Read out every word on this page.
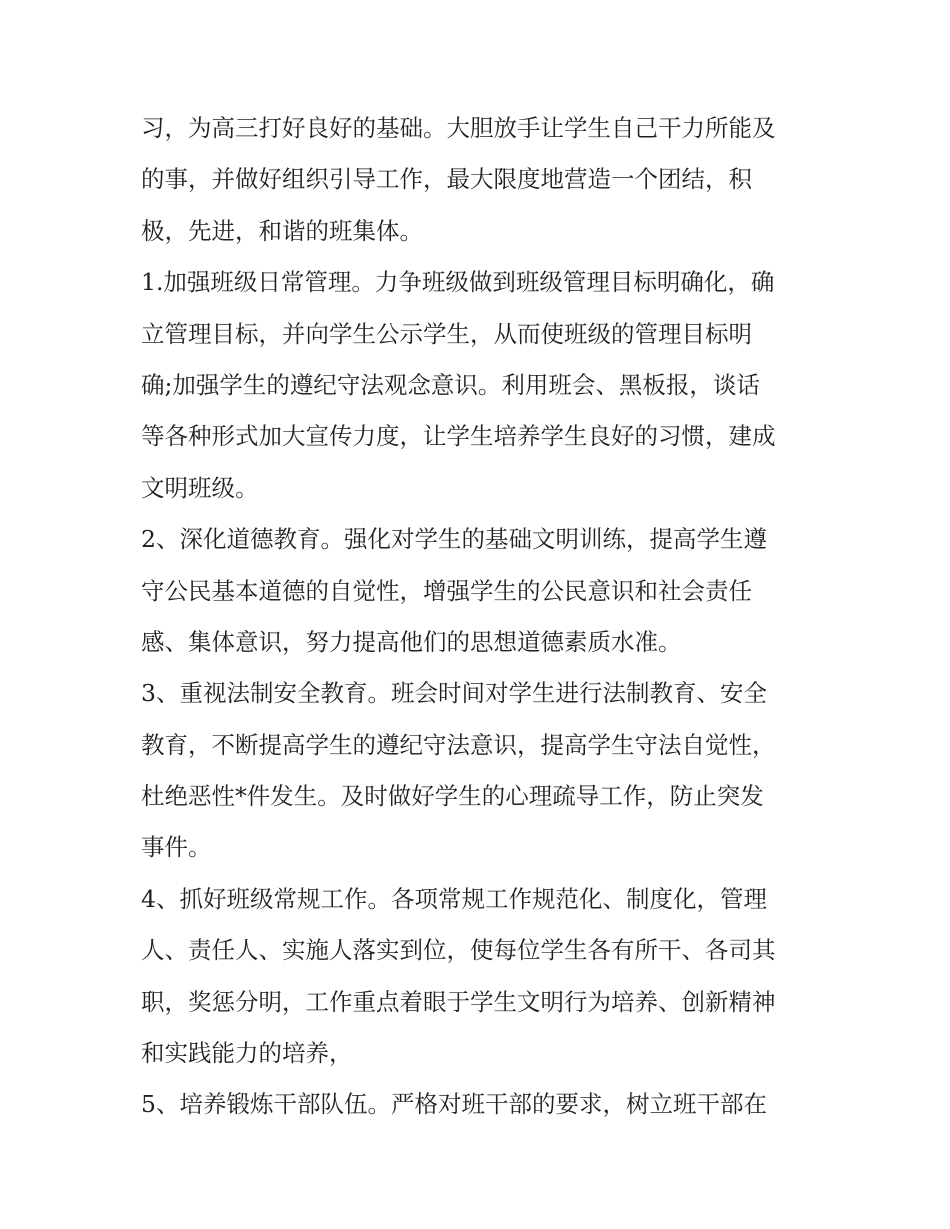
习，为高三打好良好的基础。大胆放手让学生自己干力所能及
的事，并做好组织引导工作，最大限度地营造一个团结，积
极，先进，和谐的班集体。
1.加强班级日常管理。力争班级做到班级管理目标明确化，确
立管理目标，并向学生公示学生，从而使班级的管理目标明
确;加强学生的遵纪守法观念意识。利用班会、黑板报，谈话
等各种形式加大宣传力度，让学生培养学生良好的习惯，建成
文明班级。
2、深化道德教育。强化对学生的基础文明训练，提高学生遵
守公民基本道德的自觉性，增强学生的公民意识和社会责任
感、集体意识，努力提高他们的思想道德素质水准。
3、重视法制安全教育。班会时间对学生进行法制教育、安全
教育，不断提高学生的遵纪守法意识，提高学生守法自觉性，
杜绝恶性*件发生。及时做好学生的心理疏导工作，防止突发
事件。
4、抓好班级常规工作。各项常规工作规范化、制度化，管理
人、责任人、实施人落实到位，使每位学生各有所干、各司其
职，奖惩分明，工作重点着眼于学生文明行为培养、创新精神
和实践能力的培养，
5、培养锻炼干部队伍。严格对班干部的要求，树立班干部在
